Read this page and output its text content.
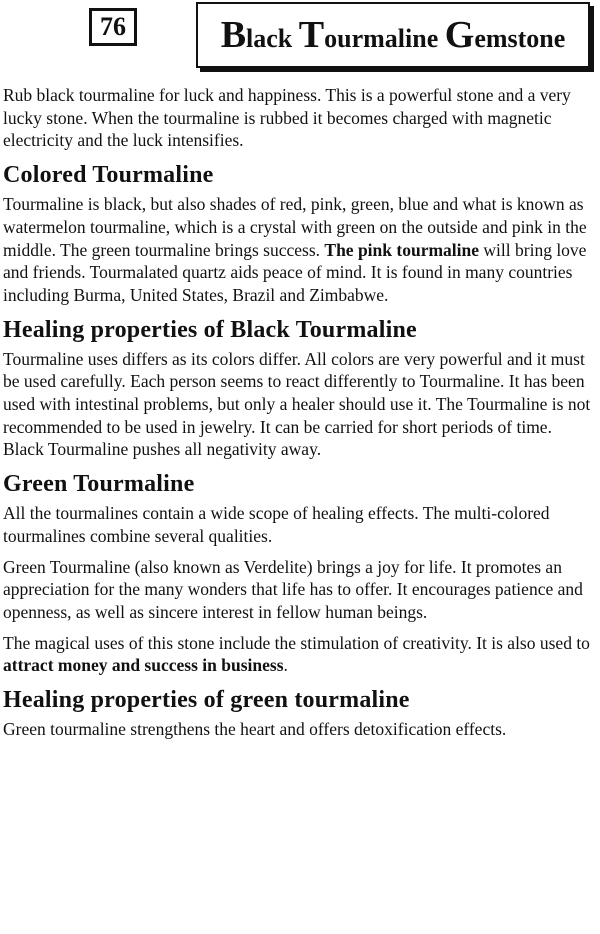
76 Black
Tourmaline
Gemstone

Rub black tourmaline for luck and happiness. This is a powerful stone and a very lucky stone. When the tourmaline is rubbed it becomes charged with magnetic electricity and the luck intensifies.

Colored Tourmaline

Tourmaline is black, but also shades of red, pink, green, blue and what is known as watermelon tourmaline, which is a crystal with green on the outside and pink in the middle. The green tourmaline brings success. The pink tourmaline will bring love and friends. Tourmalated quartz aids peace of mind. It is found in many countries including Burma, United States, Brazil and Zimbabwe.

Healing properties of Black Tourmaline

Tourmaline uses differs as its colors differ. All colors are very powerful and it must be used carefully. Each person seems to react differently to Tourmaline. It has been used with intestinal problems, but only a healer should use it. The Tourmaline is not recommended to be used in jewelry. It can be carried for short periods of time. Black Tourmaline pushes all negativity away.

Green Tourmaline

All the tourmalines contain a wide scope of healing effects. The multi-colored tourmalines combine several qualities.

Green Tourmaline (also known as Verdelite) brings a joy for life. It promotes an appreciation for the many wonders that life has to offer. It encourages patience and openness, as well as sincere interest in fellow human beings.

The magical uses of this stone include the stimulation of creativity. It is also used to attract money and success in business.

Healing properties of green tourmaline

Green tourmaline strengthens the heart and offers detoxification effects.
